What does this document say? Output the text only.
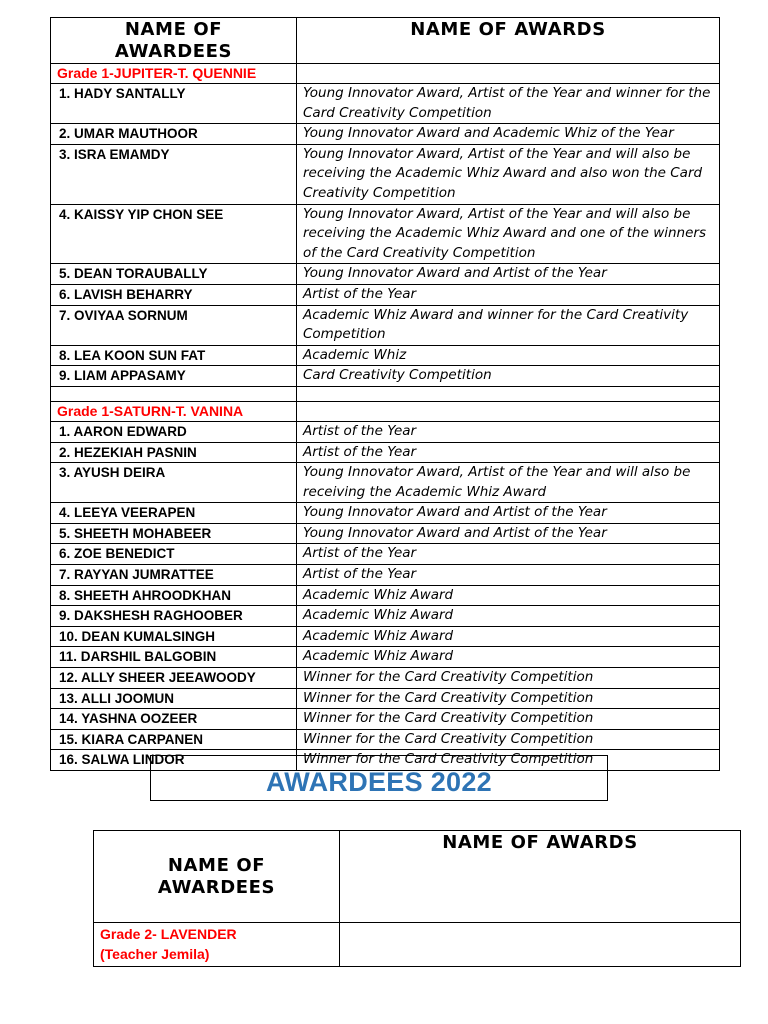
NAME OF
AWARDEES	NAME OF AWARDS
Grade 1-JUPITER-T. QUENNIE	
1. HADY SANTALLY	Young Innovator Award, Artist of the Year and winner for the Card Creativity Competition
2. UMAR MAUTHOOR	Young Innovator Award and Academic Whiz of the Year
3. ISRA EMAMDY	Young Innovator Award, Artist of the Year and will also be receiving the Academic Whiz Award and also won the Card Creativity Competition
4. KAISSY YIP CHON SEE	Young Innovator Award, Artist of the Year and will also be receiving the Academic Whiz Award and one of the winners of the Card Creativity Competition
5. DEAN TORAUBALLY	Young Innovator Award and Artist of the Year
6. LAVISH BEHARRY	Artist of the Year
7. OVIYAA SORNUM	Academic Whiz Award and winner for the Card Creativity Competition
8. LEA KOON SUN FAT	Academic Whiz
9. LIAM APPASAMY	Card Creativity Competition

Grade 1-SATURN-T. VANINA	
1. AARON EDWARD	Artist of the Year
2. HEZEKIAH PASNIN	Artist of the Year
3. AYUSH DEIRA	Young Innovator Award, Artist of the Year and will also be receiving the Academic Whiz Award
4. LEEYA VEERAPEN	Young Innovator Award and Artist of the Year
5. SHEETH MOHABEER	Young Innovator Award and Artist of the Year
6. ZOE BENEDICT	Artist of the Year
7. RAYYAN JUMRATTEE	Artist of the Year
8. SHEETH AHROODKHAN	Academic Whiz Award
9. DAKSHESH RAGHOOBER	Academic Whiz Award
10. DEAN KUMALSINGH	Academic Whiz Award
11. DARSHIL BALGOBIN	Academic Whiz Award
12. ALLY SHEER JEEAWOODY	Winner for the Card Creativity Competition
13. ALLI JOOMUN	Winner for the Card Creativity Competition
14. YASHNA OOZEER	Winner for the Card Creativity Competition
15. KIARA CARPANEN	Winner for the Card Creativity Competition
16. SALWA LINDOR	Winner for the Card Creativity Competition
AWARDEES 2022
NAME OF
AWARDEES	NAME OF AWARDS
Grade 2- LAVENDER
(Teacher Jemila)	
